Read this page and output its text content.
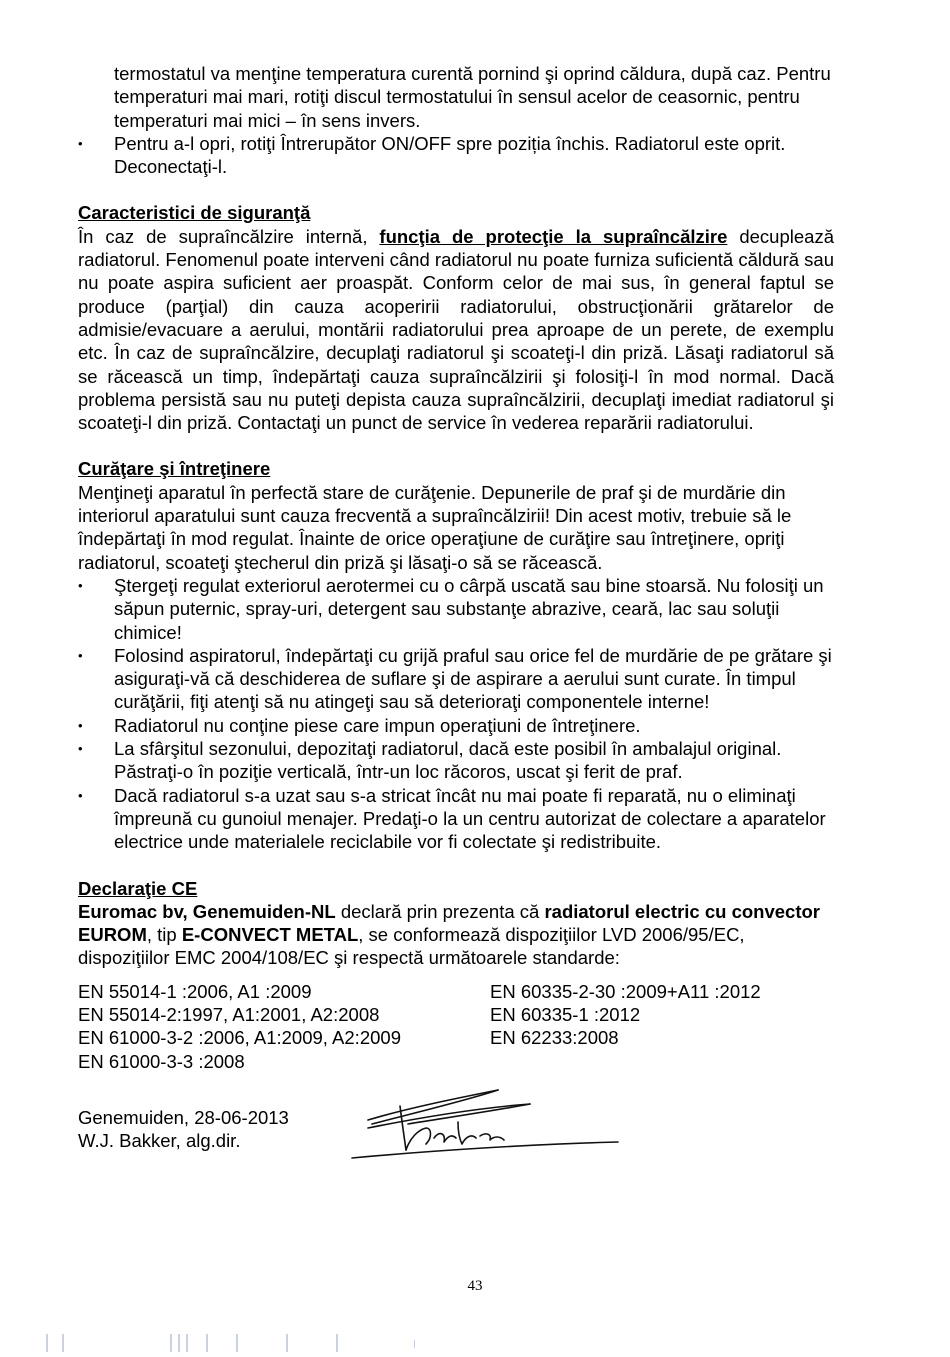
termostatul va menţine temperatura curentă pornind şi oprind căldura, după caz. Pentru temperaturi mai mari, rotiţi discul termostatului în sensul acelor de ceasornic, pentru temperaturi mai mici – în sens invers.

• Pentru a-l opri, rotiţi Întrerupător ON/OFF spre poziția închis. Radiatorul este oprit. Deconectaţi-l.

Caracteristici de siguranţă

În caz de supraîncălzire internă, funcţia de protecţie la supraîncălzire decuplează radiatorul. Fenomenul poate interveni când radiatorul nu poate furniza suficientă căldură sau nu poate aspira suficient aer proaspăt. Conform celor de mai sus, în general faptul se produce (parţial) din cauza acoperirii radiatorului, obstrucţionării grătarelor de admisie/evacuare a aerului, montării radiatorului prea aproape de un perete, de exemplu etc. În caz de supraîncălzire, decuplaţi radiatorul şi scoateţi-l din priză. Lăsaţi radiatorul să se răcească un timp, îndepărtaţi cauza supraîncălzirii şi folosiţi-l în mod normal. Dacă problema persistă sau nu puteţi depista cauza supraîncălzirii, decuplaţi imediat radiatorul şi scoateţi-l din priză. Contactaţi un punct de service în vederea reparării radiatorului.

Curăţare şi întreţinere

Menţineţi aparatul în perfectă stare de curăţenie. Depunerile de praf şi de murdărie din interiorul aparatului sunt cauza frecventă a supraîncălzirii! Din acest motiv, trebuie să le îndepărtaţi în mod regulat. Înainte de orice operaţiune de curăţire sau întreţinere, opriţi radiatorul, scoateţi ştecherul din priză şi lăsaţi-o să se răcească.

• Ştergeţi regulat exteriorul aerotermei cu o cârpă uscată sau bine stoarsă. Nu folosiţi un săpun puternic, spray-uri, detergent sau substanţe abrazive, ceară, lac sau soluţii chimice!
• Folosind aspiratorul, îndepărtaţi cu grijă praful sau orice fel de murdărie de pe grătare şi asiguraţi-vă că deschiderea de suflare şi de aspirare a aerului sunt curate. În timpul curăţării, fiţi atenţi să nu atingeţi sau să deterioraţi componentele interne!
• Radiatorul nu conţine piese care impun operaţiuni de întreţinere.
• La sfârşitul sezonului, depozitaţi radiatorul, dacă este posibil în ambalajul original. Păstraţi-o în poziţie verticală, într-un loc răcoros, uscat şi ferit de praf.
• Dacă radiatorul s-a uzat sau s-a stricat încât nu mai poate fi reparată, nu o eliminaţi împreună cu gunoiul menajer. Predaţi-o la un centru autorizat de colectare a aparatelor electrice unde materialele reciclabile vor fi colectate şi redistribuite.

Declaraţie CE

Euromac bv, Genemuiden-NL declară prin prezenta că radiatorul electric cu convector EUROM, tip E-CONVECT METAL, se conformează dispoziţiilor LVD 2006/95/EC, dispoziţiilor EMC 2004/108/EC şi respectă următoarele standarde:

EN 55014-1 :2006, A1 :2009
EN 55014-2:1997, A1:2001, A2:2008
EN 61000-3-2 :2006, A1:2009, A2:2009
EN 61000-3-3 :2008
EN 60335-2-30 :2009+A11 :2012
EN 60335-1 :2012
EN 62233:2008
Genemuiden, 28-06-2013
W.J. Bakker, alg.dir.
43
